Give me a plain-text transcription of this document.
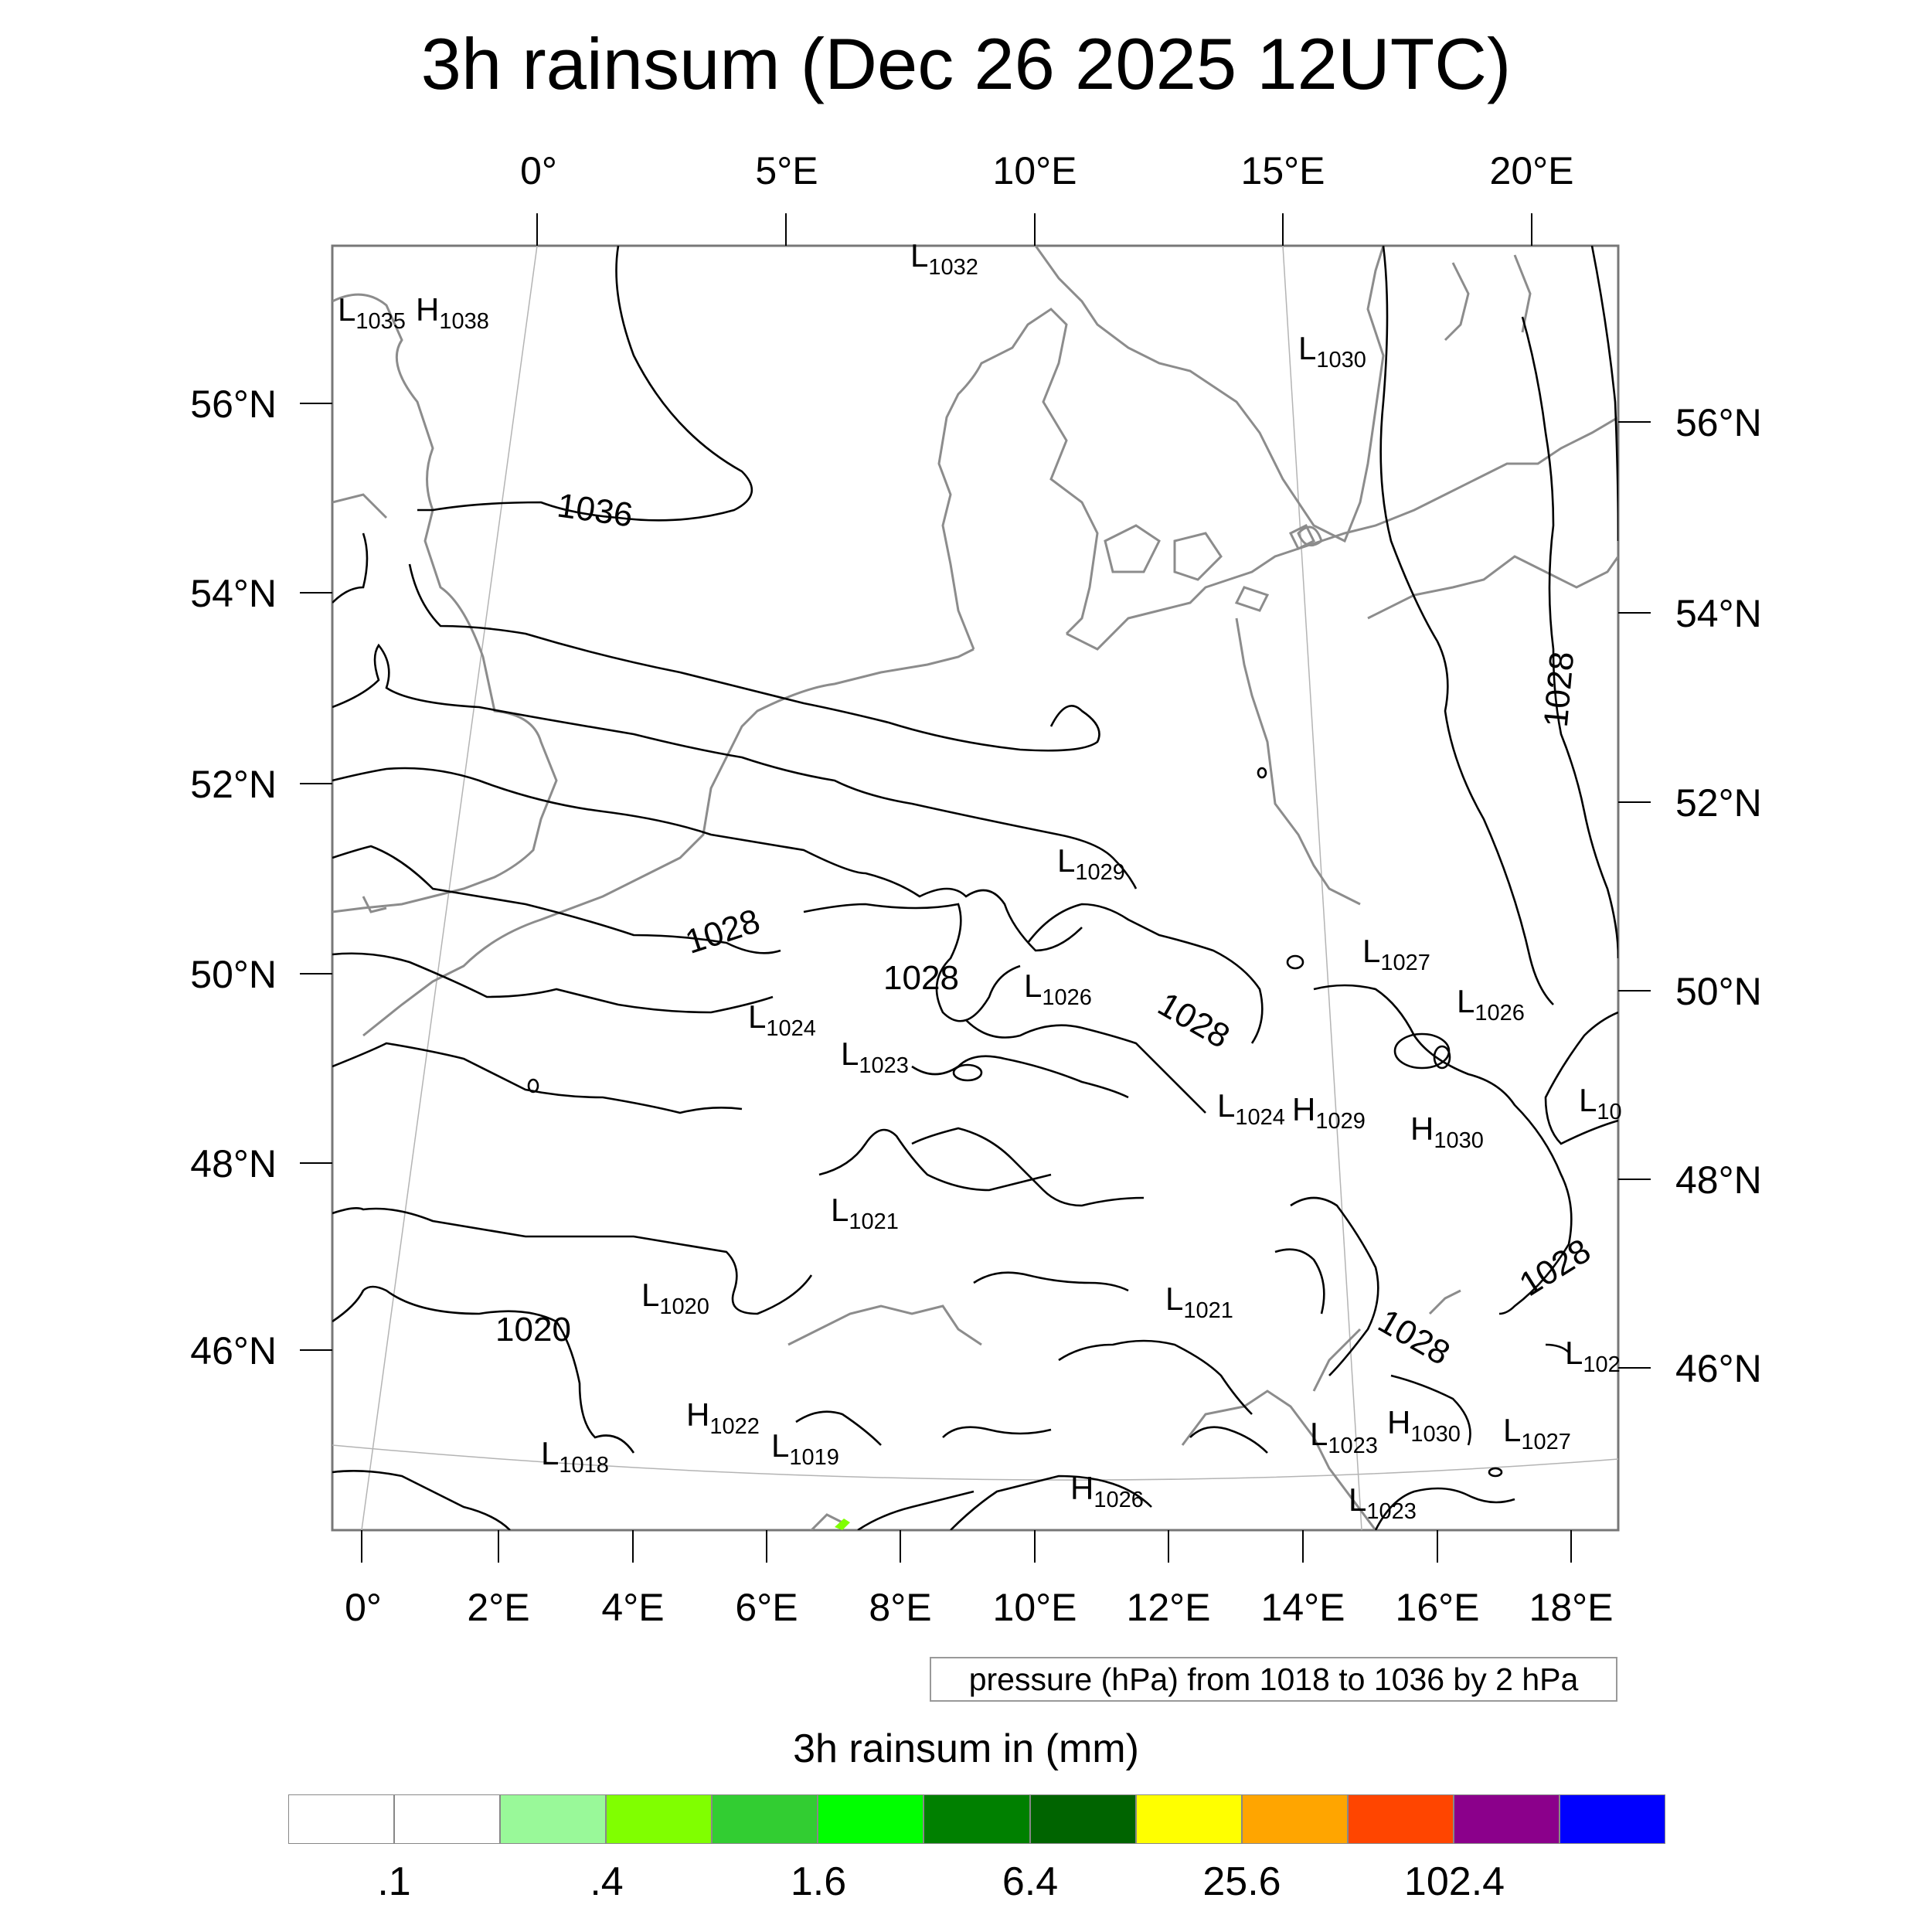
3h rainsum (Dec 26 2025 12UTC)
0°	5°E	10°E	15°E	20°E
0° 2°E 4°E 6°E 8°E 10°E 12°E 14°E 16°E 18°E
56°N
54°N
52°N
50°N
48°N
46°N
56°N
54°N
52°N
50°N
48°N
46°N
1036
1028
1028
1028
1028
1028
1028
1020
L1032
L1035 H1038
L1030
L1029
L1027
L1026	L1026
L1024
L1023
L1024 H1029 H1030
L10
L1021
L1020	L1021
L102
H1022
L1019
L1018
L1023
H1030 L1027
H1026	L1023
pressure (hPa) from 1018 to 1036 by 2 hPa
3h rainsum in (mm)
.1	.4	1.6	6.4	25.6	102.4
